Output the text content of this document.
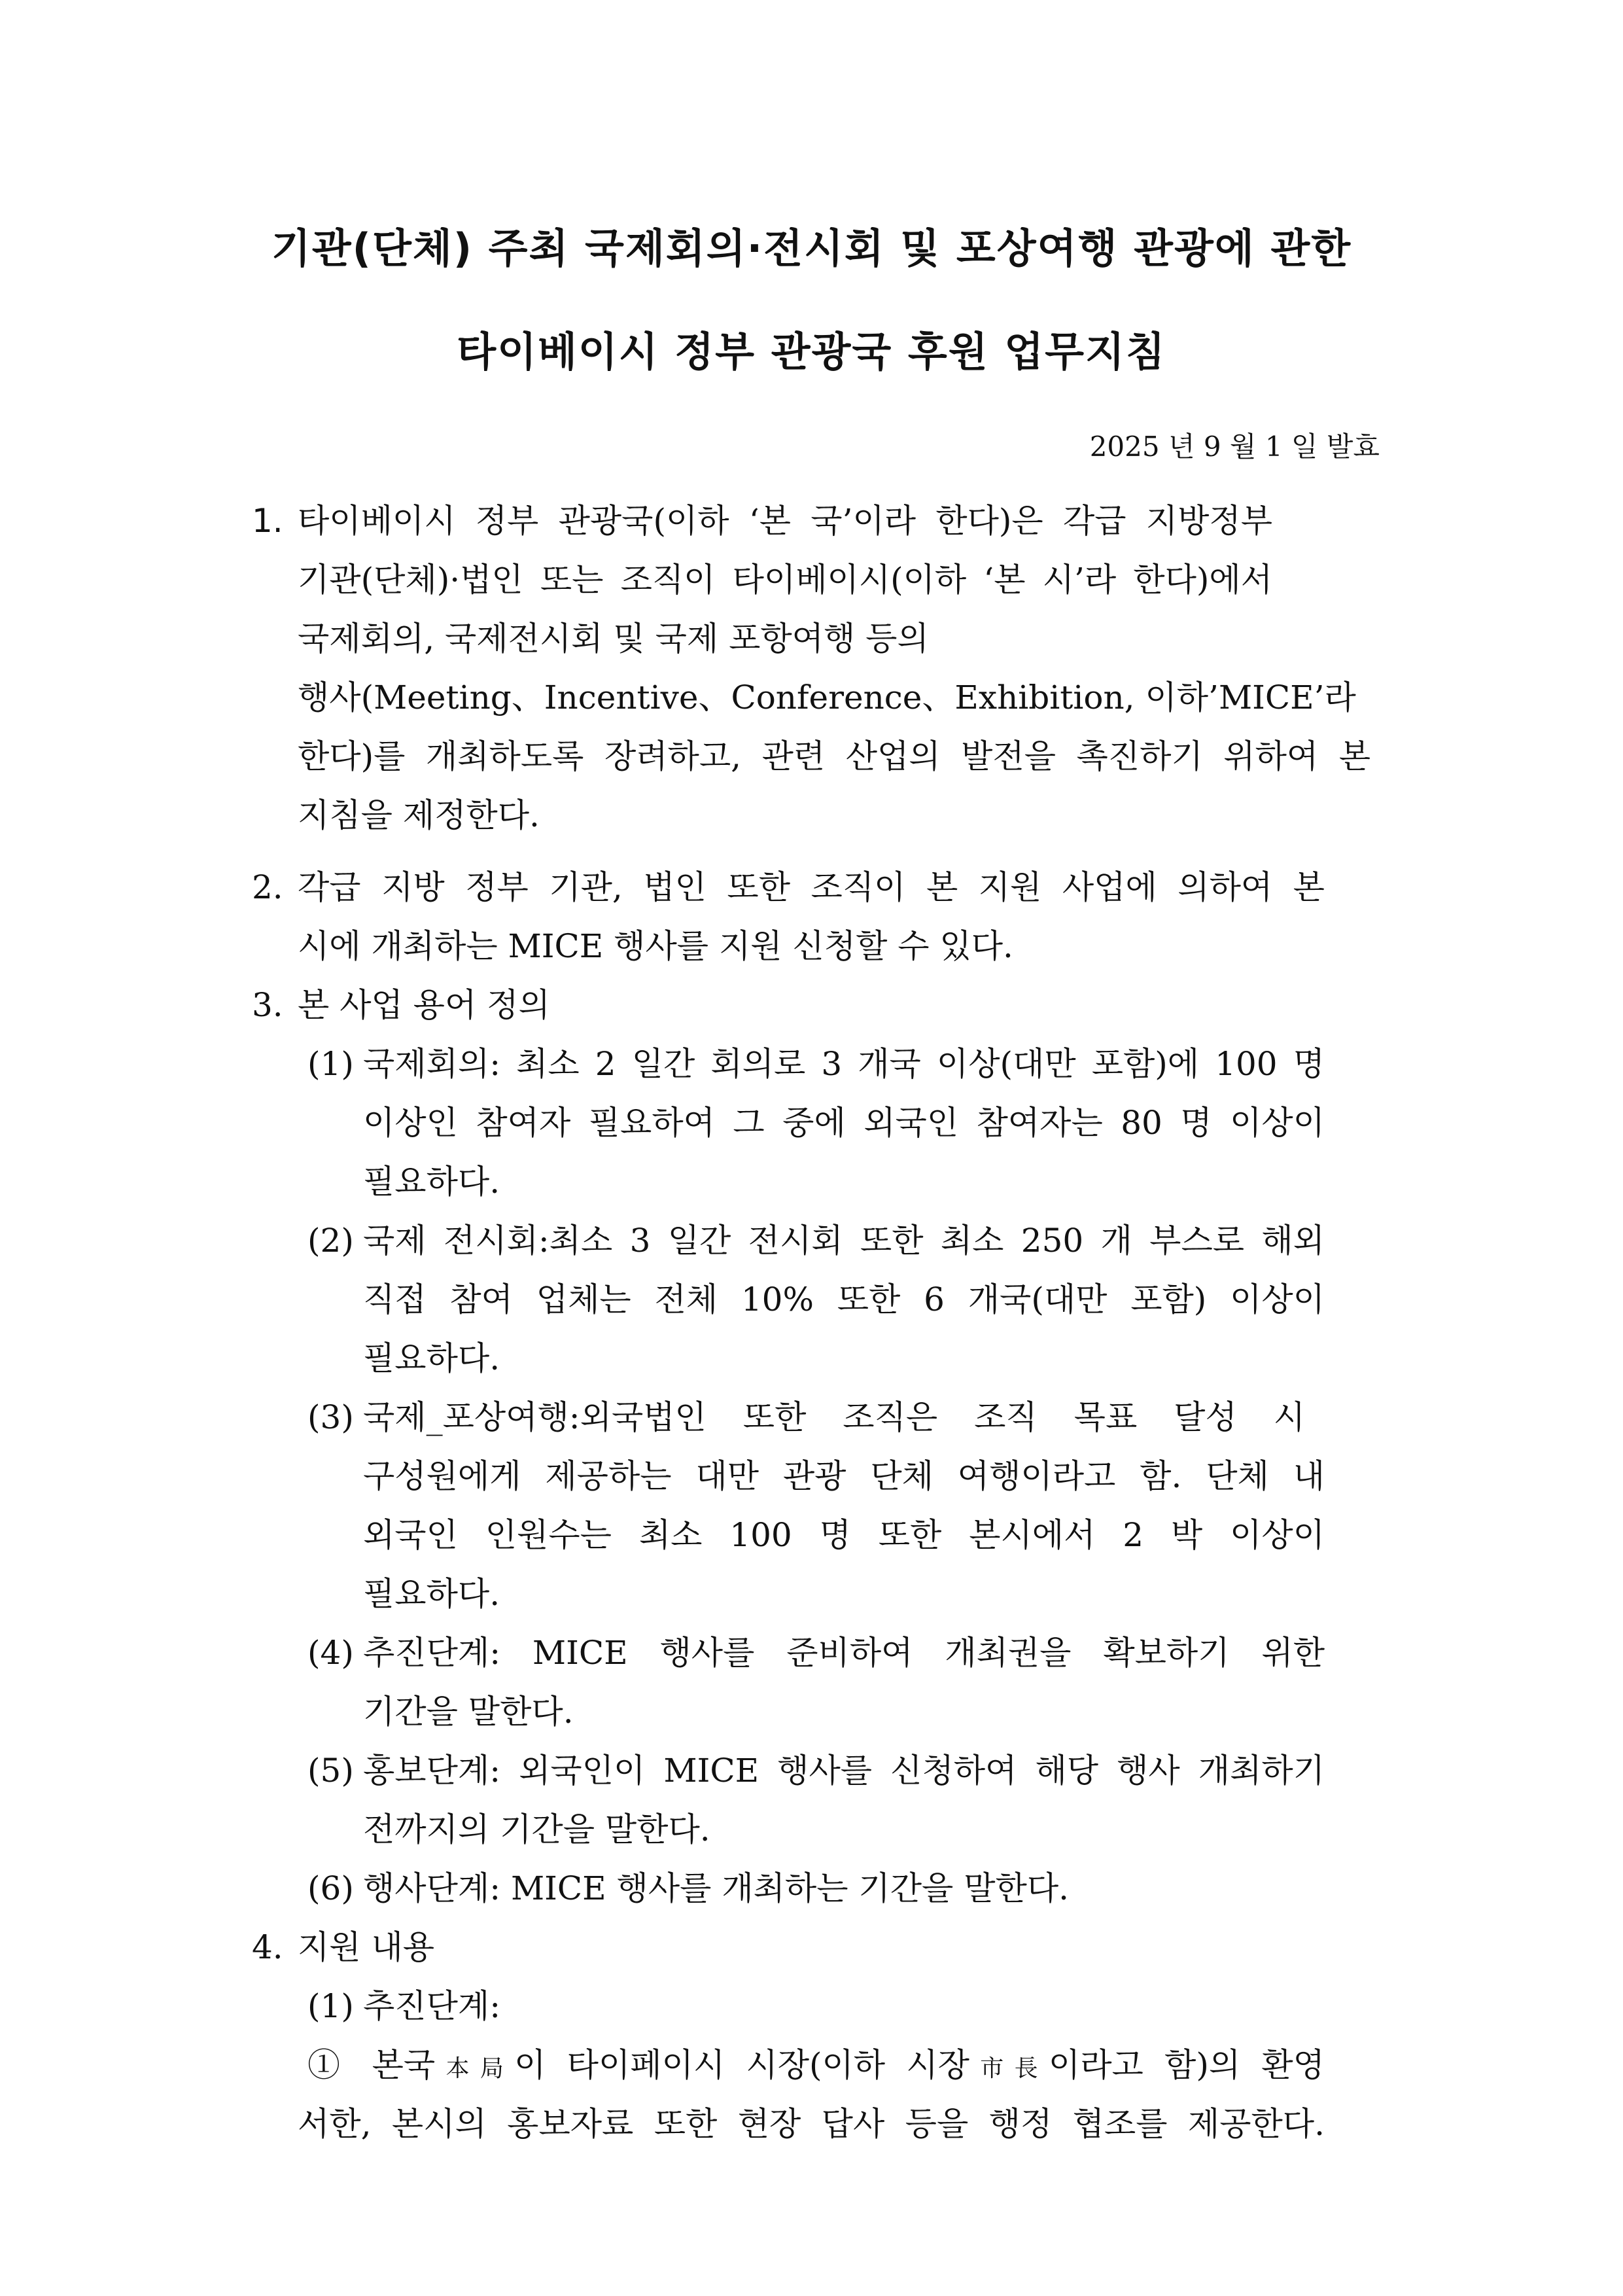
기관(단체) 주최 국제회의·전시회 및 포상여행 관광에 관한
타이베이시 정부 관광국 후원 업무지침
2025 년 9 월 1 일 발효
1. 타이베이시 정부 관광국(이하 ‘본 국’이라 한다)은 각급 지방정부
기관(단체)·법인 또는 조직이 타이베이시(이하 ‘본 시’라 한다)에서
국제회의, 국제전시회 및 국제 포항여행 등의
행사(Meeting、Incentive、Conference、Exhibition, 이하’MICE’라
한다)를 개최하도록 장려하고, 관련 산업의 발전을 촉진하기 위하여 본
지침을 제정한다.
2. 각급 지방 정부 기관, 법인 또한 조직이 본 지원 사업에 의하여 본
시에 개최하는 MICE 행사를 지원 신청할 수 있다.
3. 본 사업 용어 정의
(1) 국제회의: 최소 2 일간 회의로 3 개국 이상(대만 포함)에 100 명
이상인 참여자 필요하여 그 중에 외국인 참여자는 80 명 이상이
필요하다.
(2) 국제 전시회:최소 3 일간 전시회 또한 최소 250 개 부스로 해외
직접 참여 업체는 전체 10% 또한 6 개국(대만 포함) 이상이
필요하다.
(3) 국제_포상여행:외국법인 또한 조직은 조직 목표 달성 시
구성원에게 제공하는 대만 관광 단체 여행이라고 함. 단체 내
외국인 인원수는 최소 100 명 또한 본시에서 2 박 이상이
필요하다.
(4) 추진단계: MICE 행사를 준비하여 개최권을 확보하기 위한
기간을 말한다.
(5) 홍보단계: 외국인이 MICE 행사를 신청하여 해당 행사 개최하기
전까지의 기간을 말한다.
(6) 행사단계: MICE 행사를 개최하는 기간을 말한다.
4. 지원 내용
(1) 추진단계:
① 본국本局이 타이페이시 시장(이하 시장市長이라고 함)의 환영
서한, 본시의 홍보자료 또한 현장 답사 등을 행정 협조를 제공한다.
